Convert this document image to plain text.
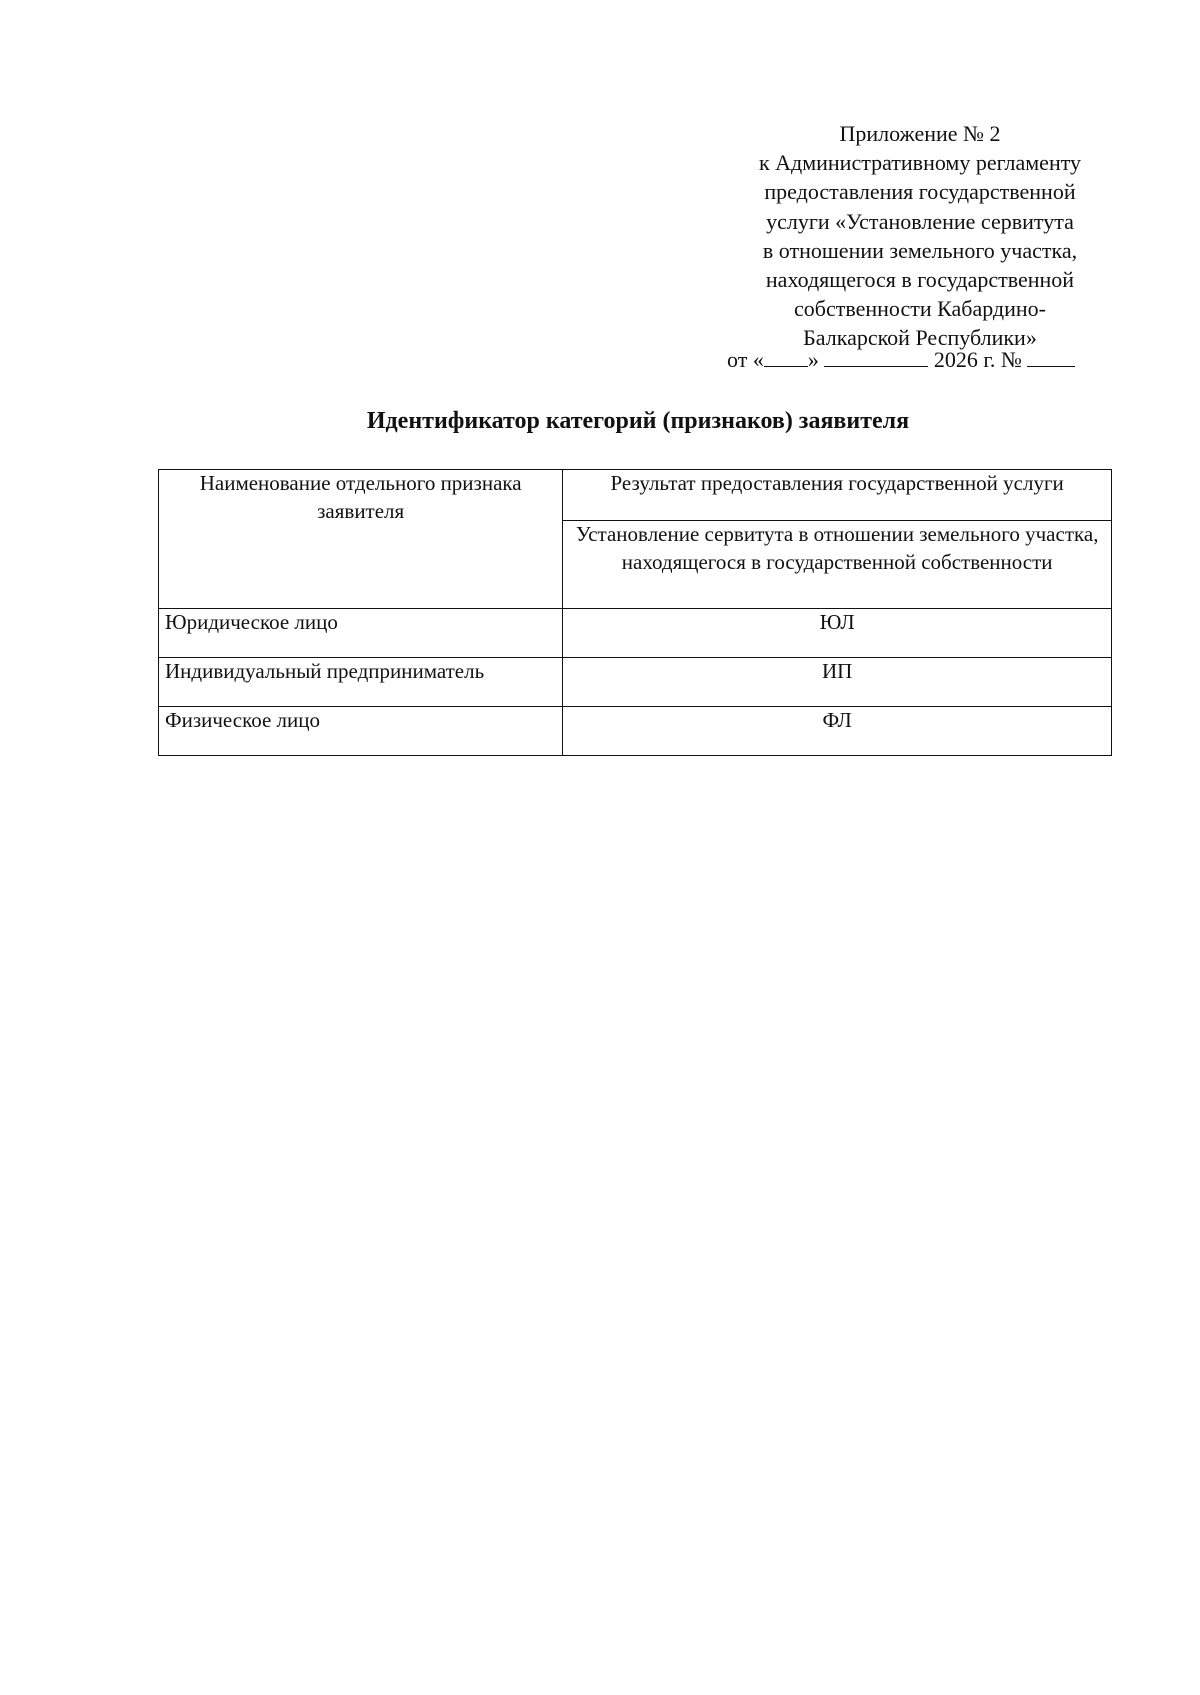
Приложение № 2
к Административному регламенту
предоставления государственной
услуги «Установление сервитута
в отношении земельного участка,
находящегося в государственной
собственности Кабардино-
Балкарской Республики»
от « »	2026 г. №
Идентификатор категорий (признаков) заявителя
Наименование отдельного признака заявителя	Результат предоставления государственной услуги
	Установление сервитута в отношении земельного участка, находящегося в государственной собственности
Юридическое лицо	ЮЛ
Индивидуальный предприниматель	ИП
Физическое лицо	ФЛ
